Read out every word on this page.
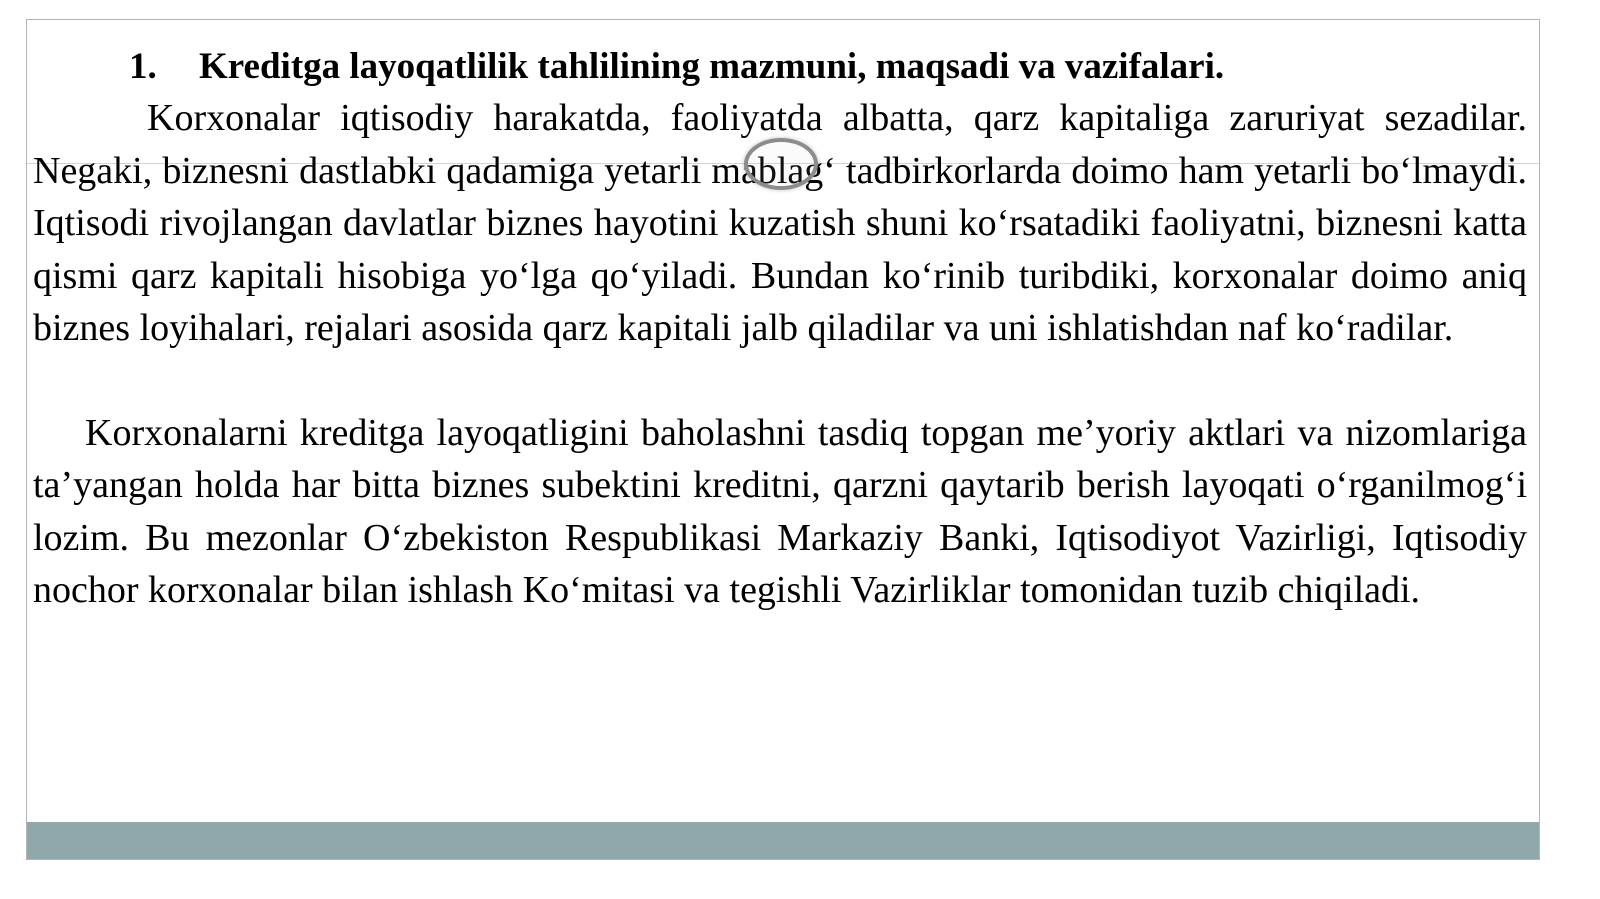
1. Kreditga layoqatlilik tahlilining mazmuni, maqsadi va vazifalari.

Korxonalar iqtisodiy harakatda, faoliyatda albatta, qarz kapitaliga zaruriyat sezadilar. Negaki, biznesni dastlabki qadamiga yetarli mablag‘ tadbirkorlarda doimo ham yetarli bo‘lmaydi. Iqtisodi rivojlangan davlatlar biznes hayotini kuzatish shuni ko‘rsatadiki faoliyatni, biznesni katta qismi qarz kapitali hisobiga yo‘lga qo‘yiladi. Bundan ko‘rinib turibdiki, korxonalar doimo aniq biznes loyihalari, rejalari asosida qarz kapitali jalb qiladilar va uni ishlatishdan naf ko‘radilar.

Korxonalarni kreditga layoqatligini baholashni tasdiq topgan me’yoriy aktlari va nizomlariga ta’yangan holda har bitta biznes subektini kreditni, qarzni qaytarib berish layoqati o‘rganilmog‘i lozim. Bu mezonlar O‘zbekiston Respublikasi Markaziy Banki, Iqtisodiyot Vazirligi, Iqtisodiy nochor korxonalar bilan ishlash Ko‘mitasi va tegishli Vazirliklar tomonidan tuzib chiqiladi.
